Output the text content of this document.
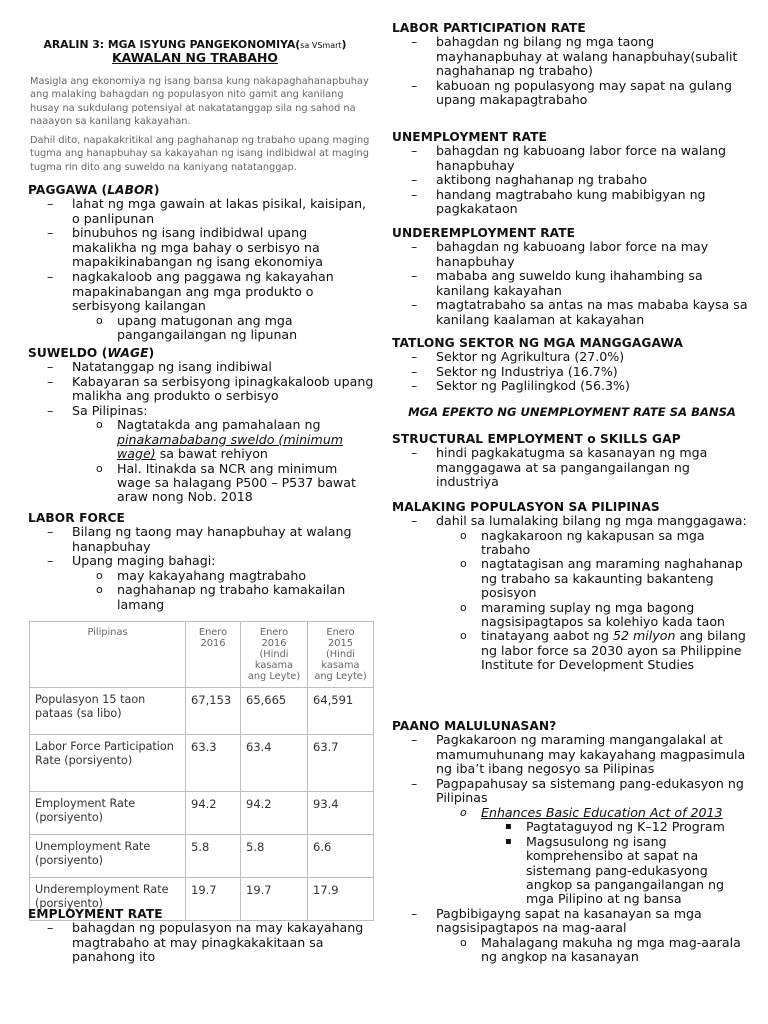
ARALIN 3: MGA ISYUNG PANGEKONOMIYA(sa VSmart)
KAWALAN NG TRABAHO
Masigla ang ekonomiya ng isang bansa kung nakapaghahanapbuhay ang malaking bahagdan ng populasyon nito gamit ang kanilang husay na sukdulang potensiyal at nakatatanggap sila ng sahod na naaayon sa kanilang kakayahan.
Dahil dito, napakakritikal ang paghahanap ng trabaho upang maging tugma ang hanapbuhay sa kakayahan ng isang indibidwal at maging tugma rin dito ang suweldo na kaniyang natatanggap.
PAGGAWA (LABOR)
– lahat ng mga gawain at lakas pisikal, kaisipan, o panlipunan
– binubuhos ng isang indibidwal upang makalikha ng mga bahay o serbisyo na mapakikinabangan ng isang ekonomiya
– nagkakaloob ang paggawa ng kakayahan mapakinabangan ang mga produkto o serbisyong kailangan
o upang matugonan ang mga pangangailangan ng lipunan
SUWELDO (WAGE)
– Natatanggap ng isang indibiwal
– Kabayaran sa serbisyong ipinagkakaloob upang malikha ang produkto o serbisyo
– Sa Pilipinas:
o Nagtatakda ang pamahalaan ng pinakamababang sweldo (minimum wage) sa bawat rehiyon
o Hal. Itinakda sa NCR ang minimum wage sa halagang P500 – P537 bawat araw nong Nob. 2018
LABOR FORCE
– Bilang ng taong may hanapbuhay at walang hanapbuhay
– Upang maging bahagi:
o may kakayahang magtrabaho
o naghahanap ng trabaho kamakailan lamang
Pilipinas	Enero 2016	Enero 2016 (Hindi kasama ang Leyte)	Enero 2015 (Hindi kasama ang Leyte)
Populasyon 15 taon pataas (sa libo)	67,153	65,665	64,591
Labor Force Participation Rate (porsiyento)	63.3	63.4	63.7
Employment Rate (porsiyento)	94.2	94.2	93.4
Unemployment Rate (porsiyento)	5.8	5.8	6.6
Underemployment Rate (porsiyento)	19.7	19.7	17.9
EMPLOYMENT RATE
– bahagdan ng populasyon na may kakayahang magtrabaho at may pinagkakakitaan sa panahong ito
LABOR PARTICIPATION RATE
– bahagdan ng bilang ng mga taong mayhanapbuhay at walang hanapbuhay(subalit naghahanap ng trabaho)
– kabuoan ng populasyong may sapat na gulang upang makapagtrabaho
UNEMPLOYMENT RATE
– bahagdan ng kabuoang labor force na walang hanapbuhay
– aktibong naghahanap ng trabaho
– handang magtrabaho kung mabibigyan ng pagkakataon
UNDEREMPLOYMENT RATE
– bahagdan ng kabuoang labor force na may hanapbuhay
– mababa ang suweldo kung ihahambing sa kanilang kakayahan
– magtatrabaho sa antas na mas mababa kaysa sa kanilang kaalaman at kakayahan
TATLONG SEKTOR NG MGA MANGGAGAWA
– Sektor ng Agrikultura (27.0%)
– Sektor ng Industriya (16.7%)
– Sektor ng Paglilingkod (56.3%)
MGA EPEKTO NG UNEMPLOYMENT RATE SA BANSA
STRUCTURAL EMPLOYMENT o SKILLS GAP
– hindi pagkakatugma sa kasanayan ng mga manggagawa at sa pangangailangan ng industriya
MALAKING POPULASYON SA PILIPINAS
– dahil sa lumalaking bilang ng mga manggagawa:
o nagkakaroon ng kakapusan sa mga trabaho
o nagtatagisan ang maraming naghahanap ng trabaho sa kakaunting bakanteng posisyon
o maraming suplay ng mga bagong nagsisipagtapos sa kolehiyo kada taon
o tinatayang aabot ng 52 milyon ang bilang ng labor force sa 2030 ayon sa Philippine Institute for Development Studies
PAANO MALULUNASAN?
– Pagkakaroon ng maraming mangangalakal at mamumuhunang may kakayahang magpasimula ng iba’t ibang negosyo sa Pilipinas
– Pagpapahusay sa sistemang pang-edukasyon ng Pilipinas
o Enhances Basic Education Act of 2013
▪ Pagtataguyod ng K–12 Program
▪ Magsusulong ng isang komprehensibo at sapat na sistemang pang-edukasyong angkop sa pangangailangan ng mga Pilipino at ng bansa
– Pagbibigayng sapat na kasanayan sa mga nagsisipagtapos na mag-aaral
o Mahalagang makuha ng mga mag-aarala ng angkop na kasanayan
